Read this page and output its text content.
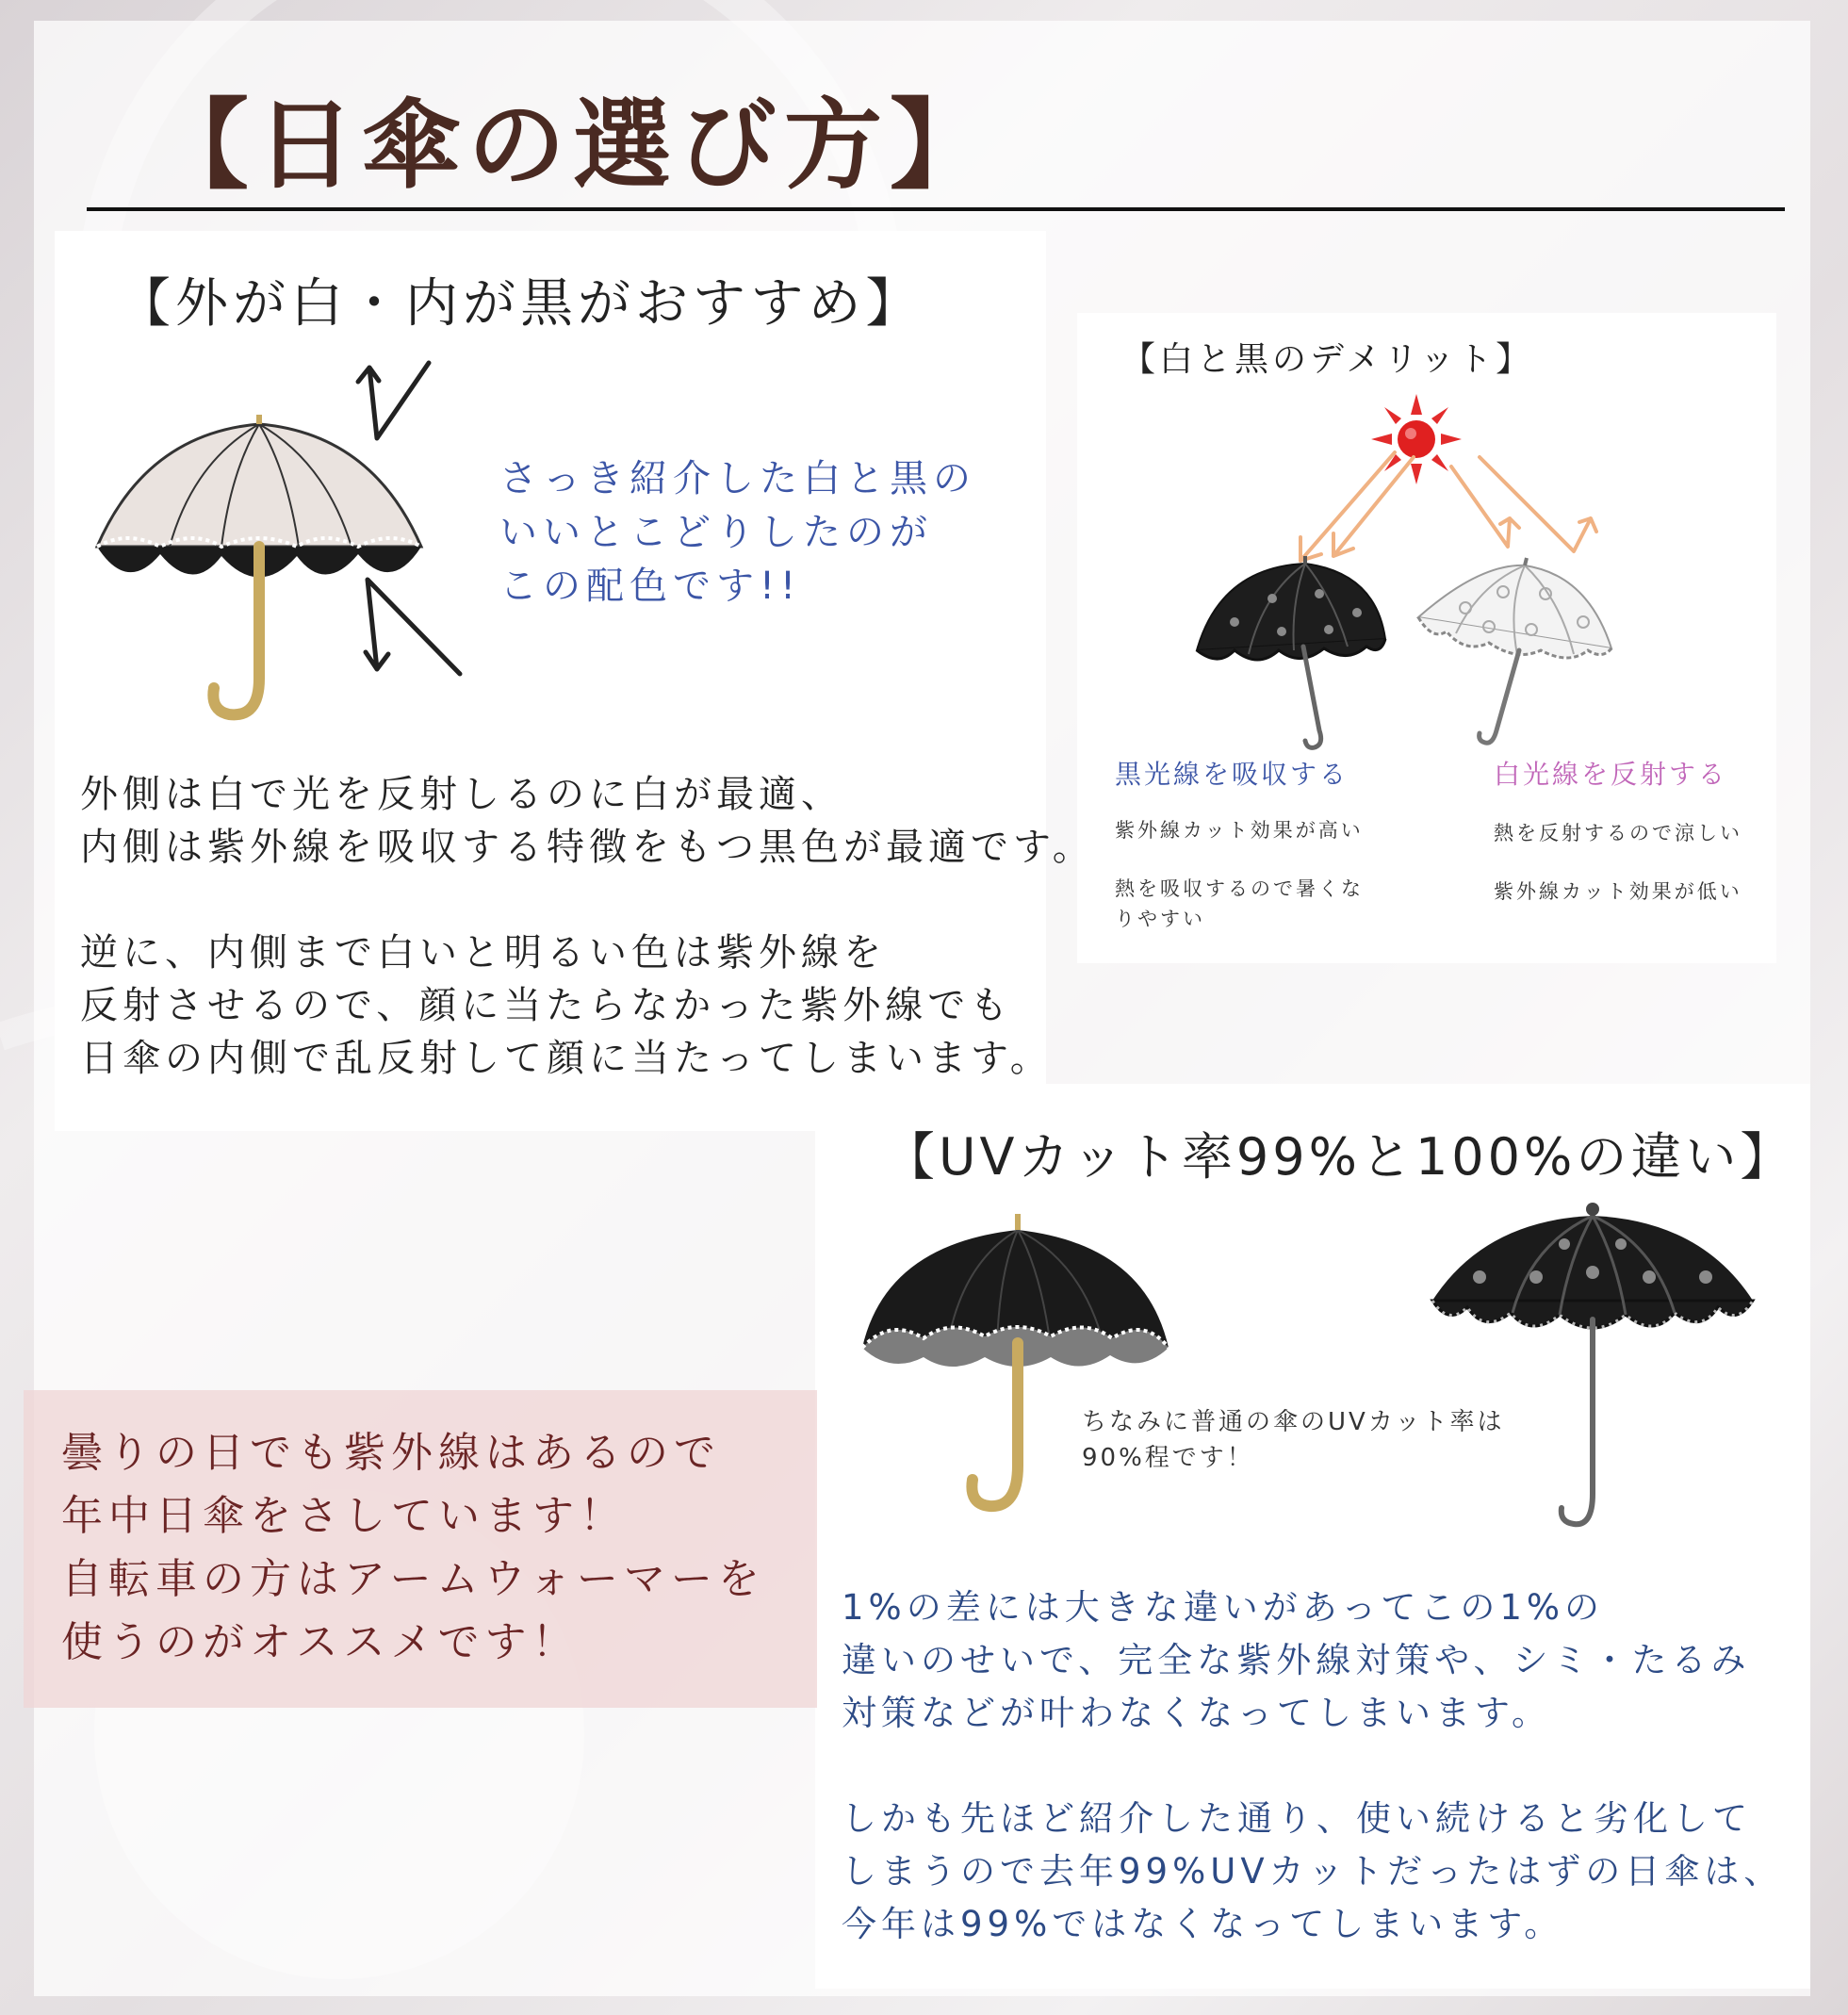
【日傘の選び方】
【外が白・内が黒がおすすめ】
さっき紹介した白と黒の
いいとこどりしたのが
この配色です!!
外側は白で光を反射しるのに白が最適、
内側は紫外線を吸収する特徴をもつ黒色が最適です。
逆に、内側まで白いと明るい色は紫外線を
反射させるので、顔に当たらなかった紫外線でも
日傘の内側で乱反射して顔に当たってしまいます。
【白と黒のデメリット】
黒光線を吸収する	白光線を反射する
紫外線カット効果が高い
熱を吸収するので暑くな
りやすい
熱を反射するので涼しい
紫外線カット効果が低い
【UVカット率99%と100%の違い】
ちなみに普通の傘のUVカット率は
90%程です！
1%の差には大きな違いがあってこの1%の
違いのせいで、完全な紫外線対策や、シミ・たるみ
対策などが叶わなくなってしまいます。
しかも先ほど紹介した通り、使い続けると劣化して
しまうので去年99%UVカットだったはずの日傘は、
今年は99%ではなくなってしまいます。
曇りの日でも紫外線はあるので
年中日傘をさしています！
自転車の方はアームウォーマーを
使うのがオススメです！
